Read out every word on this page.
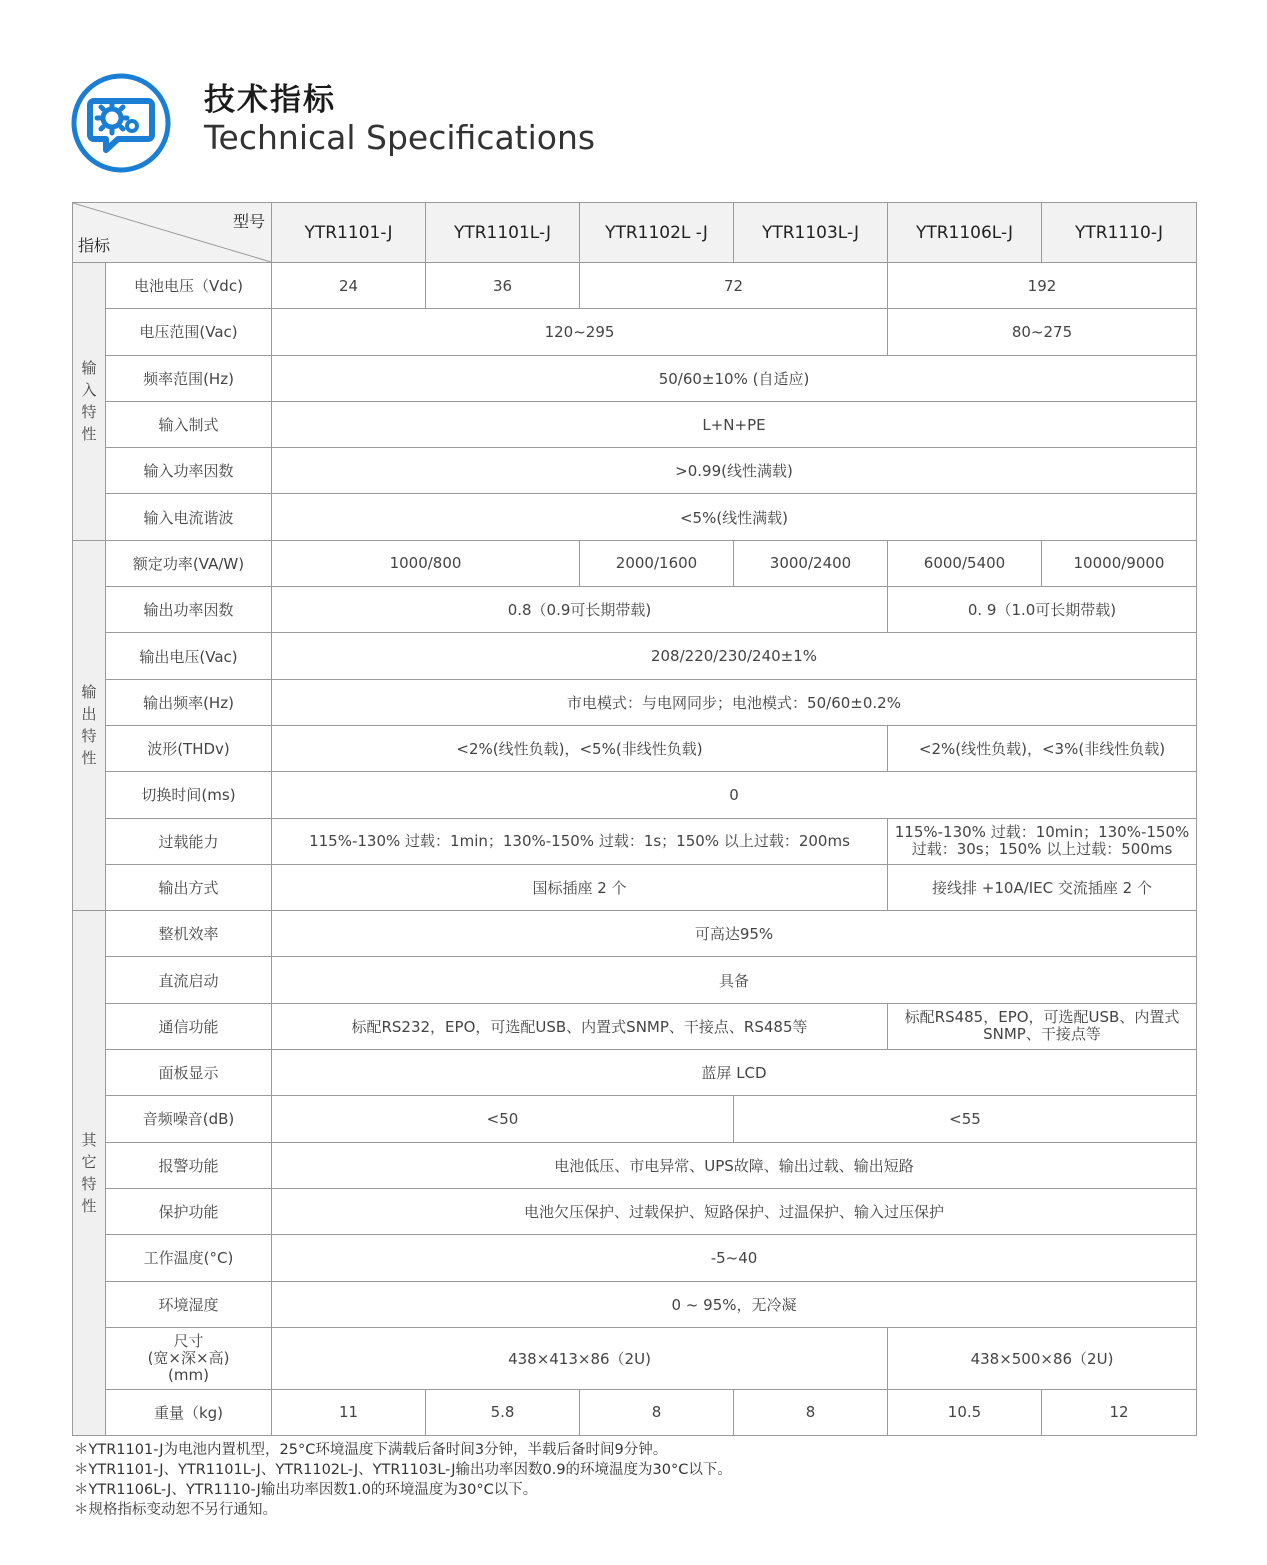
技术指标
Technical Specifications
型号
指标		YTR1101-J	YTR1101L-J	YTR1102L -J	YTR1103L-J	YTR1106L-J	YTR1110-J

输
入
特
性	电池电压（Vdc)	24	36	72		192	
	电压范围(Vac)	120~295				80~275	
	频率范围(Hz)	50/60±10% (自适应)					
	输入制式	L+N+PE					
	输入功率因数	>0.99(线性满载)					
	输入电流谐波	<5%(线性满载)					

输
出
特
性	额定功率(VA/W)	1000/800		2000/1600	3000/2400	6000/5400	10000/9000
	输出功率因数	0.8（0.9可长期带载)				0. 9（1.0可长期带载)	
	输出电压(Vac)	208/220/230/240±1%					
	输出频率(Hz)	市电模式：与电网同步；电池模式：50/60±0.2%					
	波形(THDv)	<2%(线性负载)，<5%(非线性负载)				<2%(线性负载)，<3%(非线性负载)	
	切换时间(ms)	0					
	过载能力	115%-130% 过载：1min；130%-150% 过载：1s；150% 以上过载：200ms				115%-130% 过载：10min；130%-150%
过载：30s；150% 以上过载：500ms	

	输出方式	国标插座 2 个				接线排 +10A/IEC 交流插座 2 个	

其
它
特
性	整机效率	可高达95%					
	直流启动	具备					
	通信功能	标配RS232，EPO，可选配USB、内置式SNMP、干接点、RS485等				标配RS485，EPO，可选配USB、内置式
SNMP、干接点等	

	面板显示	蓝屏 LCD					
	音频噪音(dB)	<50			<55		
	报警功能	电池低压、市电异常、UPS故障、输出过载、输出短路					
	保护功能	电池欠压保护、过载保护、短路保护、过温保护、输入过压保护					
	工作温度(°C)	-5~40					
	环境湿度	0 ~ 95%，无冷凝					

	尺寸
(宽×深×高)
(mm)	438×413×86（2U)				438×500×86（2U)	
	重量（kg)	11	5.8	8	8	10.5	12
＊YTR1101-J为电池内置机型，25°C环境温度下满载后备时间3分钟，半载后备时间9分钟。
＊YTR1101-J、YTR1101L-J、YTR1102L-J、YTR1103L-J输出功率因数0.9的环境温度为30°C以下。
＊YTR1106L-J、YTR1110-J输出功率因数1.0的环境温度为30°C以下。
＊规格指标变动恕不另行通知。
